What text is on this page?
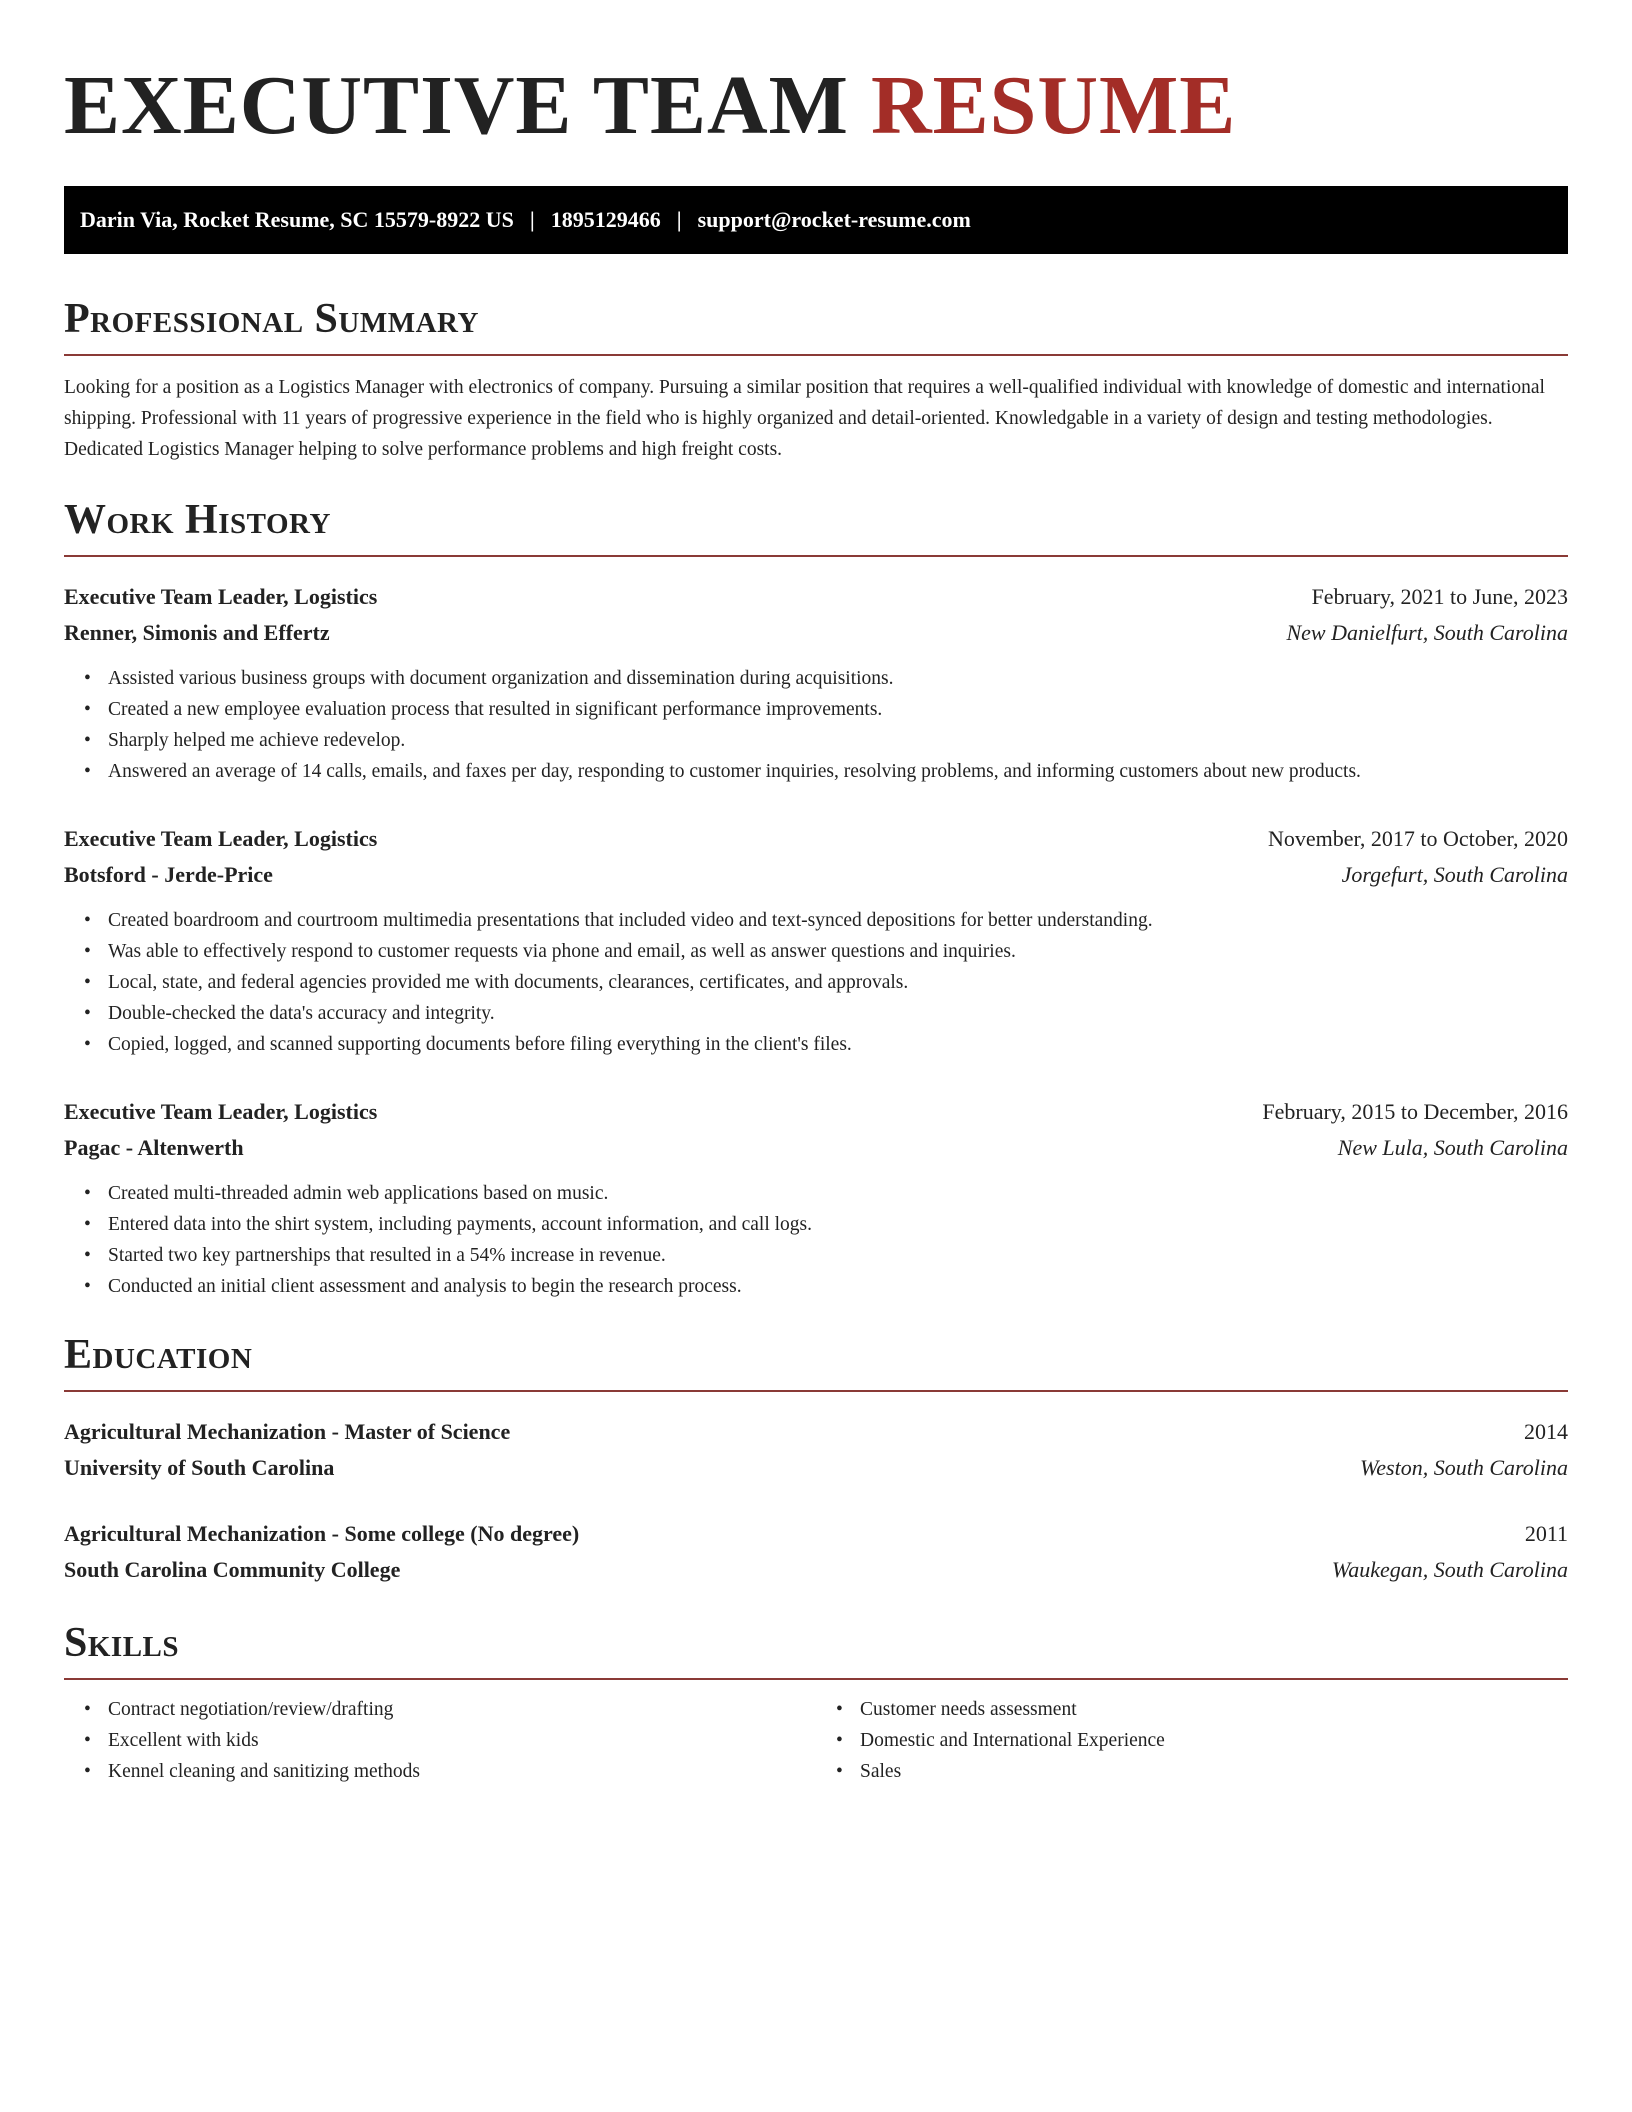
EXECUTIVE TEAM RESUME
Darin Via, Rocket Resume, SC 15579-8922 US | 1895129466 | support@rocket-resume.com
Professional Summary

Looking for a position as a Logistics Manager with electronics of company. Pursuing a similar position that requires a well-qualified individual with knowledge of domestic and international shipping. Professional with 11 years of progressive experience in the field who is highly organized and detail-oriented. Knowledgable in a variety of design and testing methodologies. Dedicated Logistics Manager helping to solve performance problems and high freight costs.

Work History
Executive Team Leader, Logistics	February, 2021 to June, 2023
Renner, Simonis and Effertz	New Danielfurt, South Carolina
• Assisted various business groups with document organization and dissemination during acquisitions.
• Created a new employee evaluation process that resulted in significant performance improvements.
• Sharply helped me achieve redevelop.
• Answered an average of 14 calls, emails, and faxes per day, responding to customer inquiries, resolving problems, and informing customers about new products.
Executive Team Leader, Logistics	November, 2017 to October, 2020
Botsford - Jerde-Price	Jorgefurt, South Carolina
• Created boardroom and courtroom multimedia presentations that included video and text-synced depositions for better understanding.
• Was able to effectively respond to customer requests via phone and email, as well as answer questions and inquiries.
• Local, state, and federal agencies provided me with documents, clearances, certificates, and approvals.
• Double-checked the data's accuracy and integrity.
• Copied, logged, and scanned supporting documents before filing everything in the client's files.
Executive Team Leader, Logistics	February, 2015 to December, 2016
Pagac - Altenwerth	New Lula, South Carolina
• Created multi-threaded admin web applications based on music.
• Entered data into the shirt system, including payments, account information, and call logs.
• Started two key partnerships that resulted in a 54% increase in revenue.
• Conducted an initial client assessment and analysis to begin the research process.
Education
Agricultural Mechanization - Master of Science	2014
University of South Carolina	Weston, South Carolina
Agricultural Mechanization - Some college (No degree)	2011
South Carolina Community College	Waukegan, South Carolina
Skills
• Contract negotiation/review/drafting
• Excellent with kids
• Kennel cleaning and sanitizing methods
• Customer needs assessment
• Domestic and International Experience
• Sales
